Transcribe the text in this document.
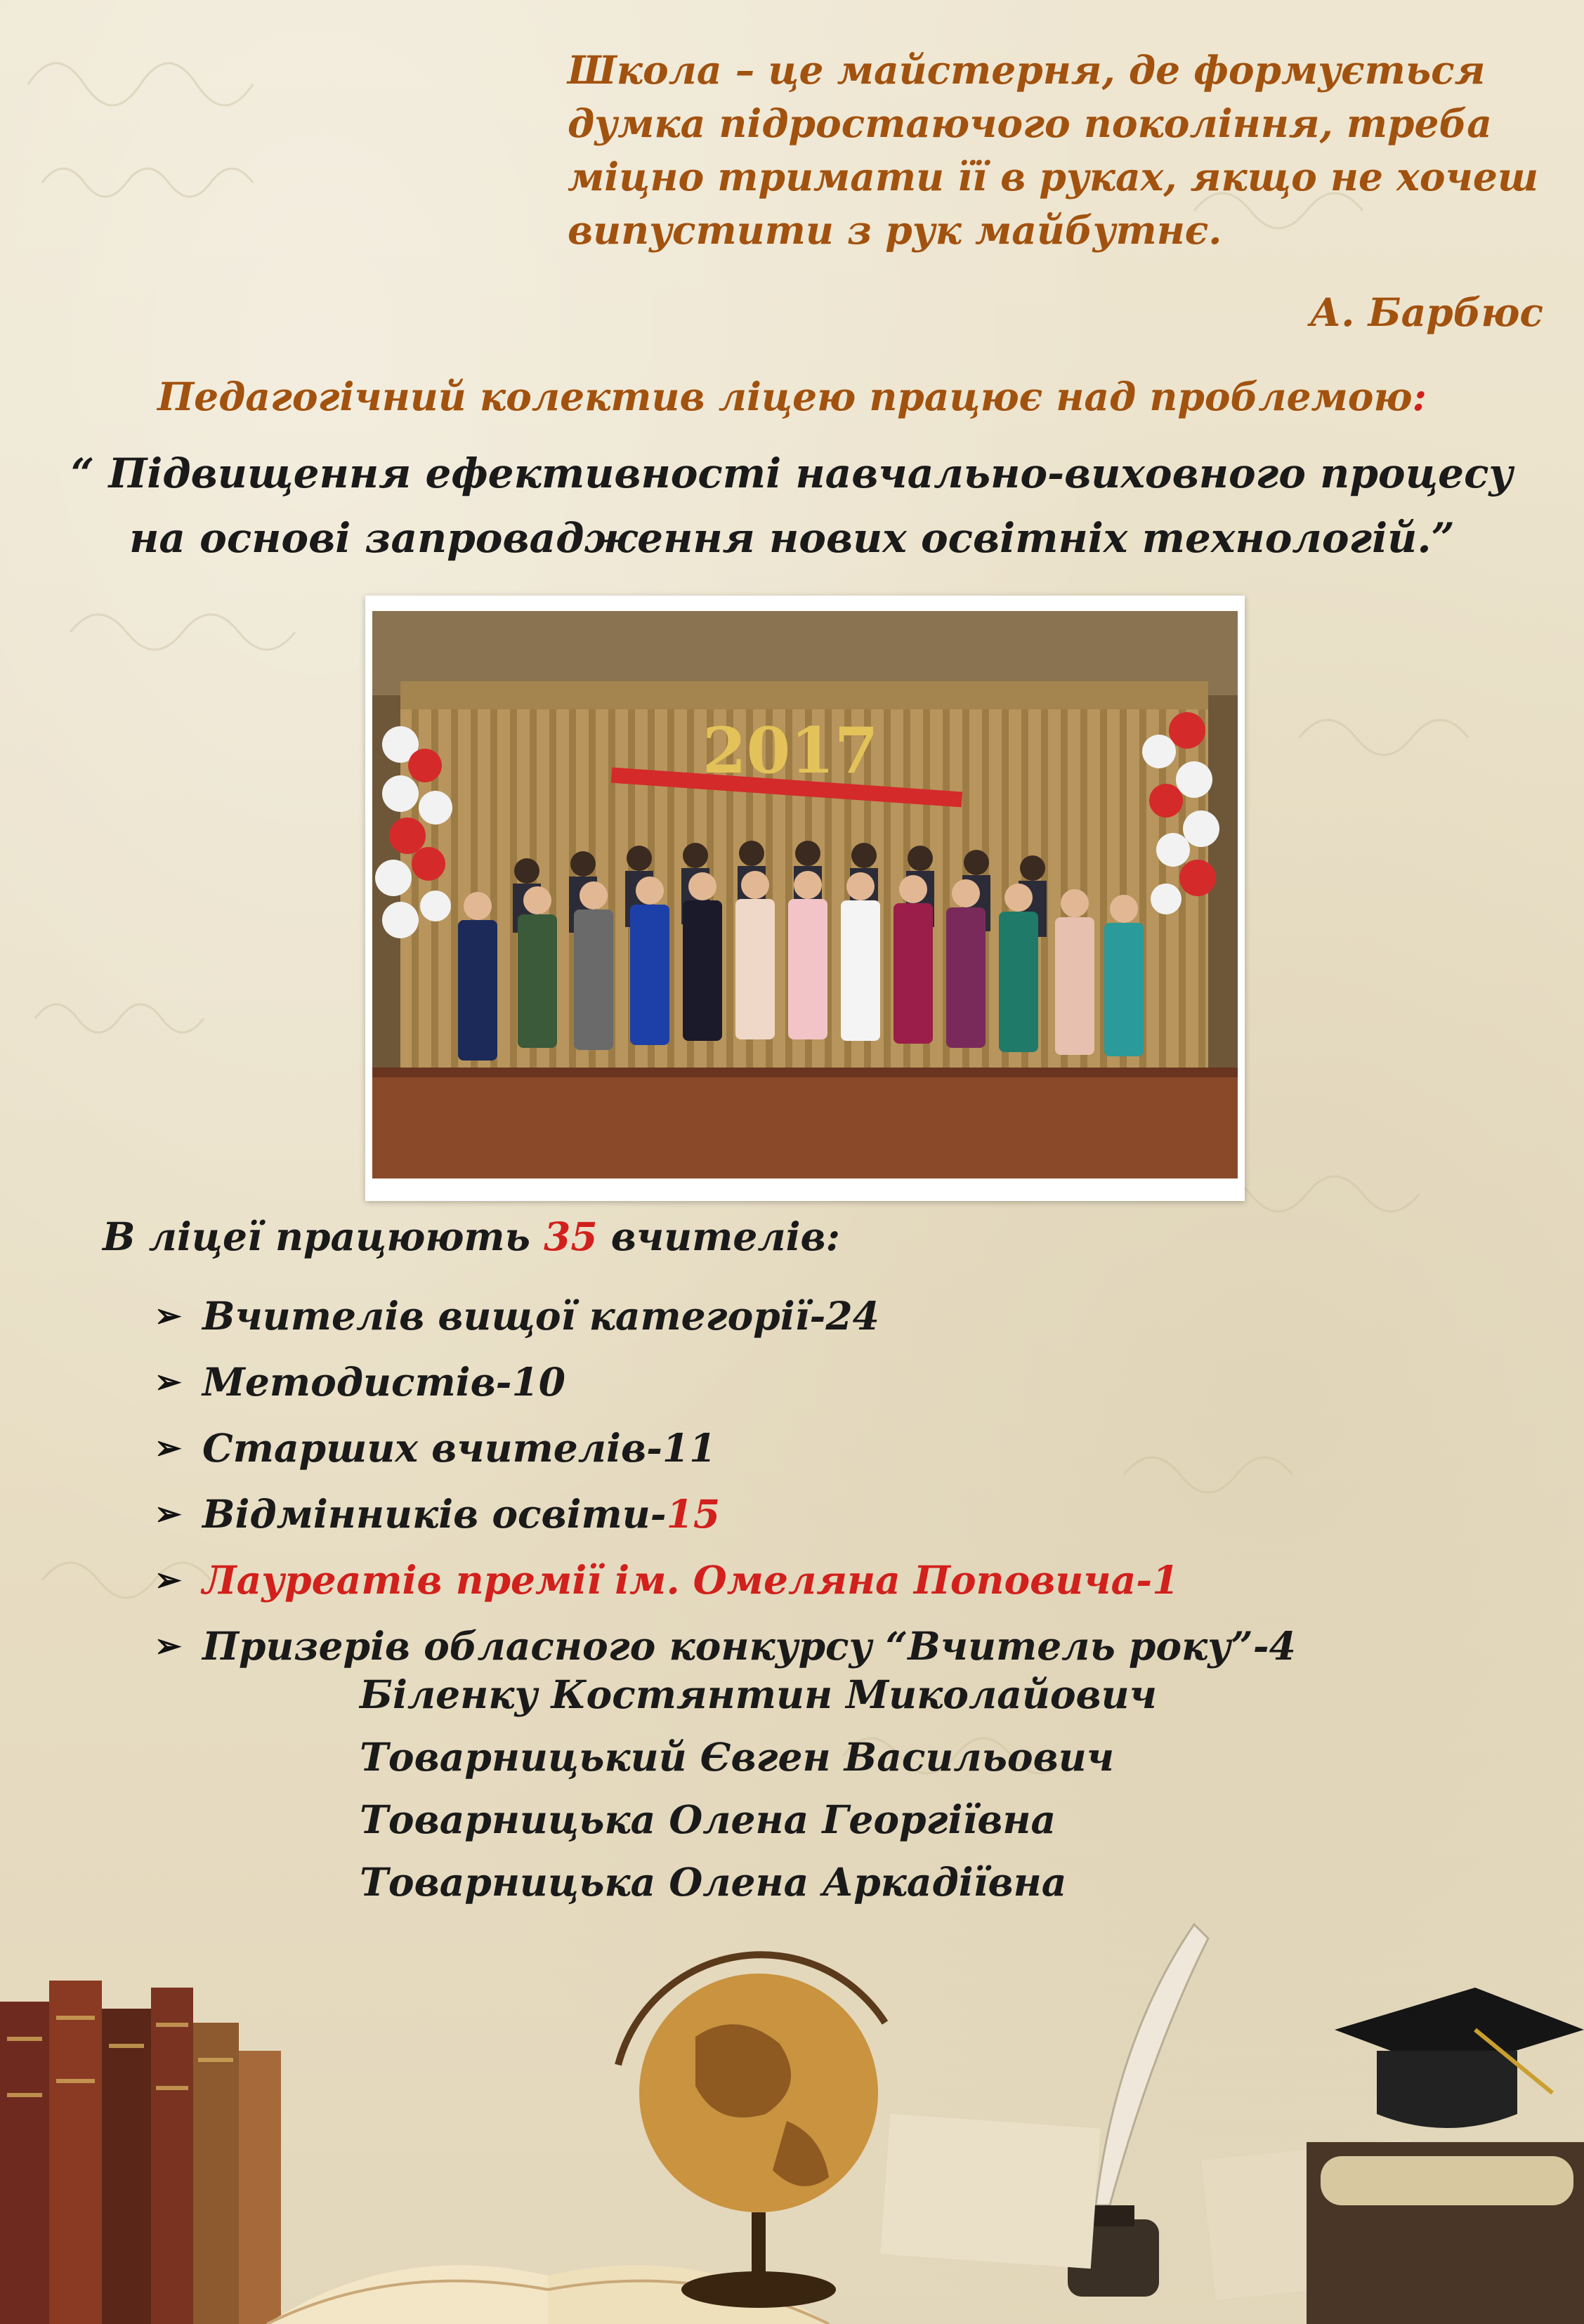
Школа – це майстерня, де формується
думка підростаючого покоління, треба
міцно тримати її в руках, якщо не хочеш
випустити з рук майбутнє.
А. Барбюс
Педагогічний колектив ліцею працює над проблемою:
“ Підвищення ефективності навчально-виховного процесу
на основі запровадження нових освітніх технологій.”
2017
В ліцеї працюють 35 вчителів:
➢ Вчителів вищої категорії-24
➢ Методистів-10
➢ Старших вчителів-11
➢ Відмінників освіти- 15
➢ Лауреатів премії ім. Омеляна Поповича-1
➢ Призерів обласного конкурсу “Вчитель року”-4
Біленку Костянтин Миколайович
Товарницький Євген Васильович
Товарницька Олена Георгіївна
Товарницька Олена Аркадіївна
